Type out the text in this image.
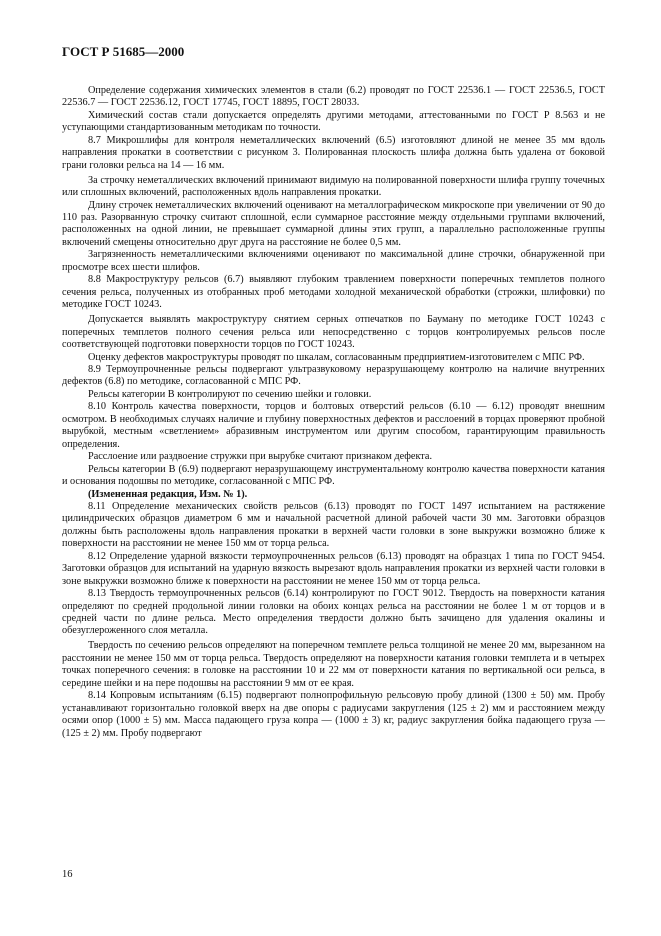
ГОСТ Р 51685—2000

Определение содержания химических элементов в стали (6.2) проводят по ГОСТ 22536.1 — ГОСТ 22536.5, ГОСТ 22536.7 — ГОСТ 22536.12, ГОСТ 17745, ГОСТ 18895, ГОСТ 28033.

Химический состав стали допускается определять другими методами, аттестованными по ГОСТ Р 8.563 и не уступающими стандартизованным методикам по точности.

8.7 Микрошлифы для контроля неметаллических включений (6.5) изготовляют длиной не менее 35 мм вдоль направления прокатки в соответствии с рисунком 3. Полированная плоскость шлифа должна быть удалена от боковой грани головки рельса на 14 — 16 мм.

За строчку неметаллических включений принимают видимую на полированной поверхности шлифа группу точечных или сплошных включений, расположенных вдоль направления прокатки.

Длину строчек неметаллических включений оценивают на металлографическом микроскопе при увеличении от 90 до 110 раз. Разорванную строчку считают сплошной, если суммарное расстояние между отдельными группами включений, расположенных на одной линии, не превышает суммарной длины этих групп, а параллельно расположенные группы включений смещены относительно друг друга на расстояние не более 0,5 мм.

Загрязненность неметаллическими включениями оценивают по максимальной длине строчки, обнаруженной при просмотре всех шести шлифов.

8.8 Макроструктуру рельсов (6.7) выявляют глубоким травлением поверхности поперечных темплетов полного сечения рельса, полученных из отобранных проб методами холодной механической обработки (строжки, шлифовки) по методике ГОСТ 10243.

Допускается выявлять макроструктуру снятием серных отпечатков по Бауману по методике ГОСТ 10243 с поперечных темплетов полного сечения рельса или непосредственно с торцов контролируемых рельсов после соответствующей подготовки поверхности торцов по ГОСТ 10243.

Оценку дефектов макроструктуры проводят по шкалам, согласованным предприятием-изготовителем с МПС РФ.

8.9 Термоупрочненные рельсы подвергают ультразвуковому неразрушающему контролю на наличие внутренних дефектов (6.8) по методике, согласованной с МПС РФ.

Рельсы категории В контролируют по сечению шейки и головки.

8.10 Контроль качества поверхности, торцов и болтовых отверстий рельсов (6.10 — 6.12) проводят внешним осмотром. В необходимых случаях наличие и глубину поверхностных дефектов и расслоений в торцах проверяют пробной вырубкой, местным «светлением» абразивным инструментом или другим способом, гарантирующим правильность определения.

Расслоение или раздвоение стружки при вырубке считают признаком дефекта.

Рельсы категории В (6.9) подвергают неразрушающему инструментальному контролю качества поверхности катания и основания подошвы по методике, согласованной с МПС РФ.

(Измененная редакция, Изм. № 1).

8.11 Определение механических свойств рельсов (6.13) проводят по ГОСТ 1497 испытанием на растяжение цилиндрических образцов диаметром 6 мм и начальной расчетной длиной рабочей части 30 мм. Заготовки образцов должны быть расположены вдоль направления прокатки в верхней части головки в зоне выкружки возможно ближе к поверхности на расстоянии не менее 150 мм от торца рельса.

8.12 Определение ударной вязкости термоупрочненных рельсов (6.13) проводят на образцах 1 типа по ГОСТ 9454. Заготовки образцов для испытаний на ударную вязкость вырезают вдоль направления прокатки из верхней части головки в зоне выкружки возможно ближе к поверхности на расстоянии не менее 150 мм от торца рельса.

8.13 Твердость термоупрочненных рельсов (6.14) контролируют по ГОСТ 9012. Твердость на поверхности катания определяют по средней продольной линии головки на обоих концах рельса на расстоянии не более 1 м от торцов и в средней части по длине рельса. Место определения твердости должно быть зачищено для удаления окалины и обезуглероженного слоя металла.

Твердость по сечению рельсов определяют на поперечном темплете рельса толщиной не менее 20 мм, вырезанном на расстоянии не менее 150 мм от торца рельса. Твердость определяют на поверхности катания головки темплета и в четырех точках поперечного сечения: в головке на расстоянии 10 и 22 мм от поверхности катания по вертикальной оси рельса, в середине шейки и на пере подошвы на расстоянии 9 мм от ее края.

8.14 Копровым испытаниям (6.15) подвергают полнопрофильную рельсовую пробу длиной (1300 ± 50) мм. Пробу устанавливают горизонтально головкой вверх на две опоры с радиусами закругления (125 ± 2) мм и расстоянием между осями опор (1000 ± 5) мм. Масса падающего груза копра — (1000 ± 3) кг, радиус закругления бойка падающего груза — (125 ± 2) мм. Пробу подвергают

16
